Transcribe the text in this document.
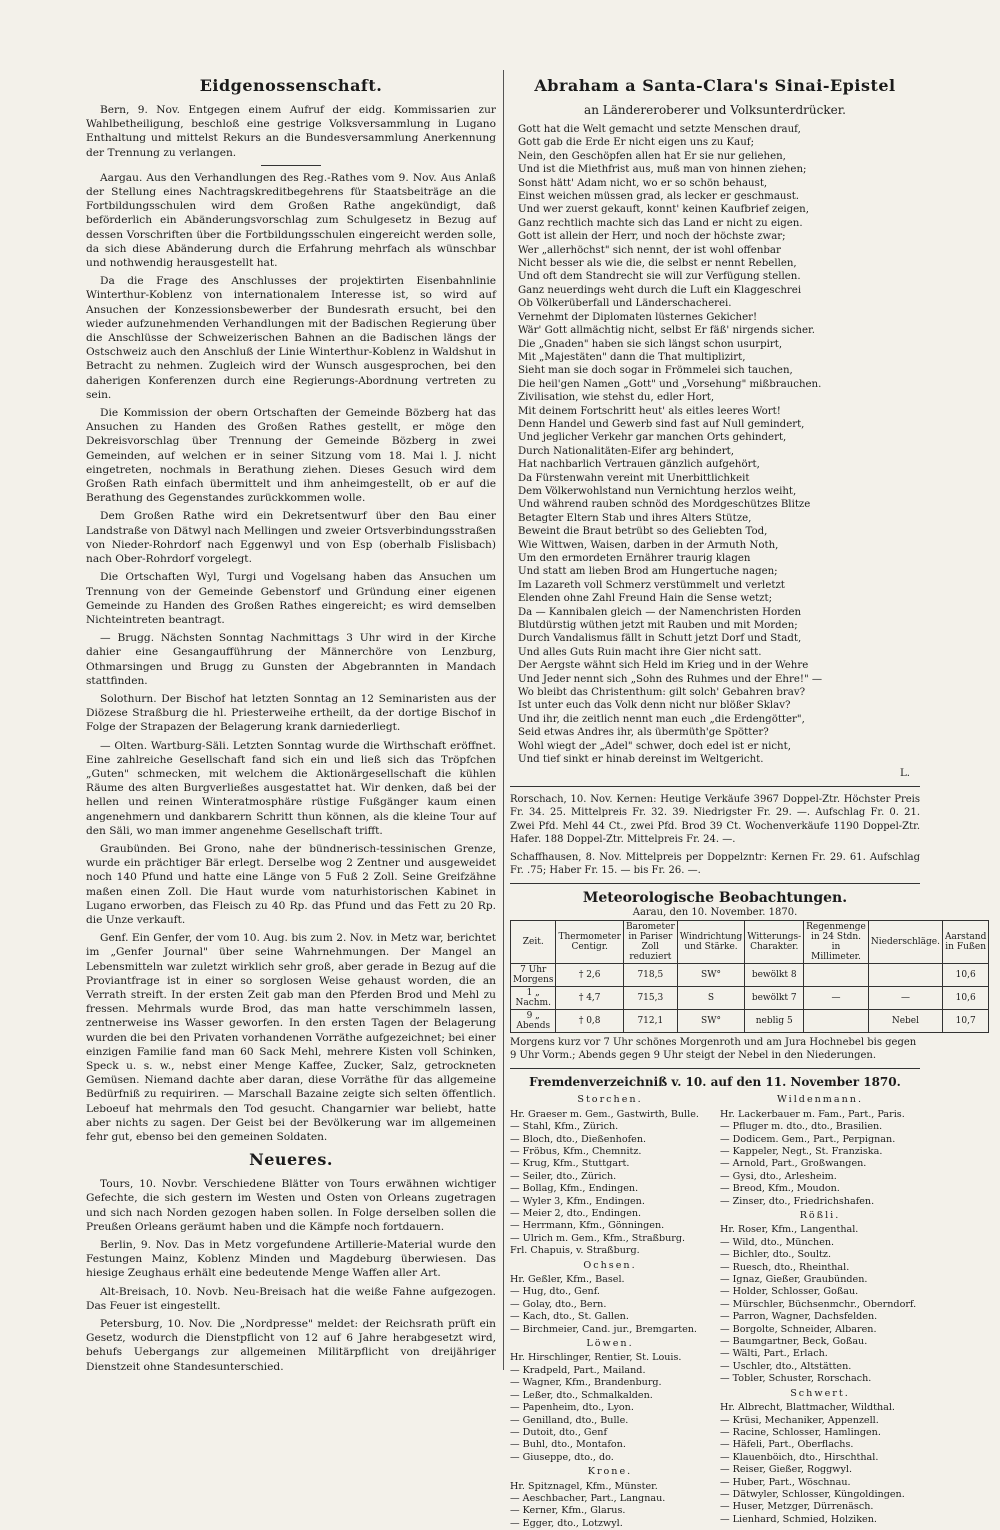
Eidgenossenschaft.

Bern, 9. Nov. Entgegen einem Aufruf der eidg. Kommissarien zur Wahlbetheiligung, beschloß eine gestrige Volksversammlung in Lugano Enthaltung und mittelst Rekurs an die Bundesversammlung Anerkennung der Trennung zu verlangen.

Aargau. Aus den Verhandlungen des Reg.-Rathes vom 9. Nov. Aus Anlaß der Stellung eines Nachtragskreditbegehrens für Staatsbeiträge an die Fortbildungsschulen wird dem Großen Rathe angekündigt, daß beförderlich ein Abänderungsvorschlag zum Schulgesetz in Bezug auf dessen Vorschriften über die Fortbildungsschulen eingereicht werden solle, da sich diese Abänderung durch die Erfahrung mehrfach als wünschbar und nothwendig herausgestellt hat.

Da die Frage des Anschlusses der projektirten Eisenbahnlinie Winterthur-Koblenz von internationalem Interesse ist, so wird auf Ansuchen der Konzessionsbewerber der Bundesrath ersucht, bei den wieder aufzunehmenden Verhandlungen mit der Badischen Regierung über die Anschlüsse der Schweizerischen Bahnen an die Badischen längs der Ostschweiz auch den Anschluß der Linie Winterthur-Koblenz in Waldshut in Betracht zu nehmen. Zugleich wird der Wunsch ausgesprochen, bei den daherigen Konferenzen durch eine Regierungs-Abordnung vertreten zu sein.

Die Kommission der obern Ortschaften der Gemeinde Bözberg hat das Ansuchen zu Handen des Großen Rathes gestellt, er möge den Dekreisvorschlag über Trennung der Gemeinde Bözberg in zwei Gemeinden, auf welchen er in seiner Sitzung vom 18. Mai l. J. nicht eingetreten, nochmals in Berathung ziehen. Dieses Gesuch wird dem Großen Rath einfach übermittelt und ihm anheimgestellt, ob er auf die Berathung des Gegenstandes zurückkommen wolle.

Dem Großen Rathe wird ein Dekretsentwurf über den Bau einer Landstraße von Dätwyl nach Mellingen und zweier Ortsverbindungsstraßen von Nieder-Rohrdorf nach Eggenwyl und von Esp (oberhalb Fislisbach) nach Ober-Rohrdorf vorgelegt.

Die Ortschaften Wyl, Turgi und Vogelsang haben das Ansuchen um Trennung von der Gemeinde Gebenstorf und Gründung einer eigenen Gemeinde zu Handen des Großen Rathes eingereicht; es wird demselben Nichteintreten beantragt.

— Brugg. Nächsten Sonntag Nachmittags 3 Uhr wird in der Kirche dahier eine Gesangaufführung der Männerchöre von Lenzburg, Othmarsingen und Brugg zu Gunsten der Abgebrannten in Mandach stattfinden.

Solothurn. Der Bischof hat letzten Sonntag an 12 Seminaristen aus der Diözese Straßburg die hl. Priesterweihe ertheilt, da der dortige Bischof in Folge der Strapazen der Belagerung krank darniederliegt.

— Olten. Wartburg-Säli. Letzten Sonntag wurde die Wirthschaft eröffnet. Eine zahlreiche Gesellschaft fand sich ein und ließ sich das Tröpfchen „Guten" schmecken, mit welchem die Aktionärgesellschaft die kühlen Räume des alten Burgverließes ausgestattet hat. Wir denken, daß bei der hellen und reinen Winteratmosphäre rüstige Fußgänger kaum einen angenehmern und dankbarern Schritt thun können, als die kleine Tour auf den Säli, wo man immer angenehme Gesellschaft trifft.

Graubünden. Bei Grono, nahe der bündnerisch-tessinischen Grenze, wurde ein prächtiger Bär erlegt. Derselbe wog 2 Zentner und ausgeweidet noch 140 Pfund und hatte eine Länge von 5 Fuß 2 Zoll. Seine Greifzähne maßen einen Zoll. Die Haut wurde vom naturhistorischen Kabinet in Lugano erworben, das Fleisch zu 40 Rp. das Pfund und das Fett zu 20 Rp. die Unze verkauft.

Genf. Ein Genfer, der vom 10. Aug. bis zum 2. Nov. in Metz war, berichtet im „Genfer Journal" über seine Wahrnehmungen. Der Mangel an Lebensmitteln war zuletzt wirklich sehr groß, aber gerade in Bezug auf die Proviantfrage ist in einer so sorglosen Weise gehaust worden, die an Verrath streift. In der ersten Zeit gab man den Pferden Brod und Mehl zu fressen. Mehrmals wurde Brod, das man hatte verschimmeln lassen, zentnerweise ins Wasser geworfen. In den ersten Tagen der Belagerung wurden die bei den Privaten vorhandenen Vorräthe aufgezeichnet; bei einer einzigen Familie fand man 60 Sack Mehl, mehrere Kisten voll Schinken, Speck u. s. w., nebst einer Menge Kaffee, Zucker, Salz, getrockneten Gemüsen. Niemand dachte aber daran, diese Vorräthe für das allgemeine Bedürfniß zu requiriren. — Marschall Bazaine zeigte sich selten öffentlich. Leboeuf hat mehrmals den Tod gesucht. Changarnier war beliebt, hatte aber nichts zu sagen. Der Geist bei der Bevölkerung war im allgemeinen fehr gut, ebenso bei den gemeinen Soldaten.

Neueres.

Tours, 10. Novbr. Verschiedene Blätter von Tours erwähnen wichtiger Gefechte, die sich gestern im Westen und Osten von Orleans zugetragen und sich nach Norden gezogen haben sollen. In Folge derselben sollen die Preußen Orleans geräumt haben und die Kämpfe noch fortdauern.

Berlin, 9. Nov. Das in Metz vorgefundene Artillerie-Material wurde den Festungen Mainz, Koblenz Minden und Magdeburg überwiesen. Das hiesige Zeughaus erhält eine bedeutende Menge Waffen aller Art.

Alt-Breisach, 10. Novb. Neu-Breisach hat die weiße Fahne aufgezogen. Das Feuer ist eingestellt.

Petersburg, 10. Nov. Die „Nordpresse" meldet: der Reichsrath prüft ein Gesetz, wodurch die Dienstpflicht von 12 auf 6 Jahre herabgesetzt wird, behufs Uebergangs zur allgemeinen Militärpflicht von dreijähriger Dienstzeit ohne Standesunterschied.

Abraham a Santa-Clara's Sinai-Epistel
an Ländereroberer und Volksunterdrücker.
Gott hat die Welt gemacht und setzte Menschen drauf,
Gott gab die Erde Er nicht eigen uns zu Kauf;
Nein, den Geschöpfen allen hat Er sie nur geliehen,
Und ist die Miethfrist aus, muß man von hinnen ziehen;
Sonst hätt' Adam nicht, wo er so schön behaust,
Einst weichen müssen grad, als lecker er geschmaust.
Und wer zuerst gekauft, konnt' keinen Kaufbrief zeigen,
Ganz rechtlich machte sich das Land er nicht zu eigen.
Gott ist allein der Herr, und noch der höchste zwar;
Wer „allerhöchst" sich nennt, der ist wohl offenbar
Nicht besser als wie die, die selbst er nennt Rebellen,
Und oft dem Standrecht sie will zur Verfügung stellen.
Ganz neuerdings weht durch die Luft ein Klaggeschrei
Ob Völkerüberfall und Länderschacherei.
Vernehmt der Diplomaten lüsternes Gekicher!
Wär' Gott allmächtig nicht, selbst Er fäß' nirgends sicher.
Die „Gnaden" haben sie sich längst schon usurpirt,
Mit „Majestäten" dann die That multiplizirt,
Sieht man sie doch sogar in Frömmelei sich tauchen,
Die heil'gen Namen „Gott" und „Vorsehung" mißbrauchen.
Zivilisation, wie stehst du, edler Hort,
Mit deinem Fortschritt heut' als eitles leeres Wort!
Denn Handel und Gewerb sind fast auf Null gemindert,
Und jeglicher Verkehr gar manchen Orts gehindert,
Durch Nationalitäten-Eifer arg behindert,
Hat nachbarlich Vertrauen gänzlich aufgehört,
Da Fürstenwahn vereint mit Unerbittlichkeit
Dem Völkerwohlstand nun Vernichtung herzlos weiht,
Und während rauben schnöd des Mordgeschützes Blitze
Betagter Eltern Stab und ihres Alters Stütze,
Beweint die Braut betrübt so des Geliebten Tod,
Wie Wittwen, Waisen, darben in der Armuth Noth,
Um den ermordeten Ernährer traurig klagen
Und statt am lieben Brod am Hungertuche nagen;
Im Lazareth voll Schmerz verstümmelt und verletzt
Elenden ohne Zahl Freund Hain die Sense wetzt;
Da — Kannibalen gleich — der Namenchristen Horden
Blutdürstig wüthen jetzt mit Rauben und mit Morden;
Durch Vandalismus fällt in Schutt jetzt Dorf und Stadt,
Und alles Guts Ruin macht ihre Gier nicht satt.
Der Aergste wähnt sich Held im Krieg und in der Wehre
Und Jeder nennt sich „Sohn des Ruhmes und der Ehre!" —
Wo bleibt das Christenthum: gilt solch' Gebahren brav?
Ist unter euch das Volk denn nicht nur blößer Sklav?
Und ihr, die zeitlich nennt man euch „die Erdengötter",
Seid etwas Andres ihr, als übermüth'ge Spötter?
Wohl wiegt der „Adel" schwer, doch edel ist er nicht,
Und tief sinkt er hinab dereinst im Weltgericht.
L.

Rorschach, 10. Nov. Kernen: Heutige Verkäufe 3967 Doppel-Ztr. Höchster Preis Fr. 34. 25. Mittelpreis Fr. 32. 39. Niedrigster Fr. 29. —. Aufschlag Fr. 0. 21. Zwei Pfd. Mehl 44 Ct., zwei Pfd. Brod 39 Ct. Wochenverkäufe 1190 Doppel-Ztr. Hafer. 188 Doppel-Ztr. Mittelpreis Fr. 24. —.

Schaffhausen, 8. Nov. Mittelpreis per Doppelzntr: Kernen Fr. 29. 61. Aufschlag Fr. .75; Haber Fr. 15. — bis Fr. 26. —.

Meteorologische Beobachtungen.
Aarau, den 10. November. 1870.
Zeit.	Thermometer Centigr.	Barometer in Pariser Zoll reduziert	Windrichtung und Stärke.	Witterungs-Charakter.	Regenmenge in 24 Stdn. in Millimeter.	Niederschläge.	Aarstand in Fußen
7 Uhr Morgens	† 2,6	718,5	SW°	bewölkt 8			10,6
1 „ Nachm.	† 4,7	715,3	S	bewölkt 7	—	—	10,6
9 „ Abends	† 0,8	712,1	SW°	neblig 5		Nebel	10,7
Morgens kurz vor 7 Uhr schönes Morgenroth und am Jura Hochnebel bis gegen 9 Uhr Vorm.; Abends gegen 9 Uhr steigt der Nebel in den Niederungen.
Fremdenverzeichniß v. 10. auf den 11. November 1870.
Storchen.
Hr. Graeser m. Gem., Gastwirth, Bulle.
— Stahl, Kfm., Zürich.
— Bloch, dto., Dießenhofen.
— Fröbus, Kfm., Chemnitz.
— Krug, Kfm., Stuttgart.
— Seiler, dto., Zürich.
— Bollag, Kfm., Endingen.
— Wyler 3, Kfm., Endingen.
— Meier 2, dto., Endingen.
— Herrmann, Kfm., Gönningen.
— Ulrich m. Gem., Kfm., Straßburg.
Frl. Chapuis, v. Straßburg.
Ochsen.
Hr. Geßler, Kfm., Basel.
— Hug, dto., Genf.
— Golay, dto., Bern.
— Kach, dto., St. Gallen.
— Birchmeier, Cand. jur., Bremgarten.
Löwen.
Hr. Hirschlinger, Rentier, St. Louis.
— Kradpeld, Part., Mailand.
— Wagner, Kfm., Brandenburg.
— Leßer, dto., Schmalkalden.
— Papenheim, dto., Lyon.
— Genilland, dto., Bulle.
— Dutoit, dto., Genf
— Buhl, dto., Montafon.
— Giuseppe, dto., do.
Krone.
Hr. Spitznagel, Kfm., Münster.
— Aeschbacher, Part., Langnau.
— Kerner, Kfm., Glarus.
— Egger, dto., Lotzwyl.
Wildenmann.
Hr. Lackerbauer m. Fam., Part., Paris.
— Pfluger m. dto., dto., Brasilien.
— Dodicem. Gem., Part., Perpignan.
— Kappeler, Negt., St. Franziska.
— Arnold, Part., Großwangen.
— Gysi, dto., Arlesheim.
— Breod, Kfm., Moudon.
— Zinser, dto., Friedrichshafen.
Rößli.
Hr. Roser, Kfm., Langenthal.
— Wild, dto., München.
— Bichler, dto., Soultz.
— Ruesch, dto., Rheinthal.
— Ignaz, Gießer, Graubünden.
— Holder, Schlosser, Goßau.
— Mürschler, Büchsenmchr., Oberndorf.
— Parron, Wagner, Dachsfelden.
— Borgolte, Schneider, Albaren.
— Baumgartner, Beck, Goßau.
— Wälti, Part., Erlach.
— Uschler, dto., Altstätten.
— Tobler, Schuster, Rorschach.
Schwert.
Hr. Albrecht, Blattmacher, Wildthal.
— Krüsi, Mechaniker, Appenzell.
— Racine, Schlosser, Hamlingen.
— Häfeli, Part., Oberflachs.
— Klauenböich, dto., Hirschthal.
— Reiser, Gießer, Roggwyl.
— Huber, Part., Wöschnau.
— Dätwyler, Schlosser, Küngoldingen.
— Huser, Metzger, Dürrenäsch.
— Lienhard, Schmied, Holziken.
